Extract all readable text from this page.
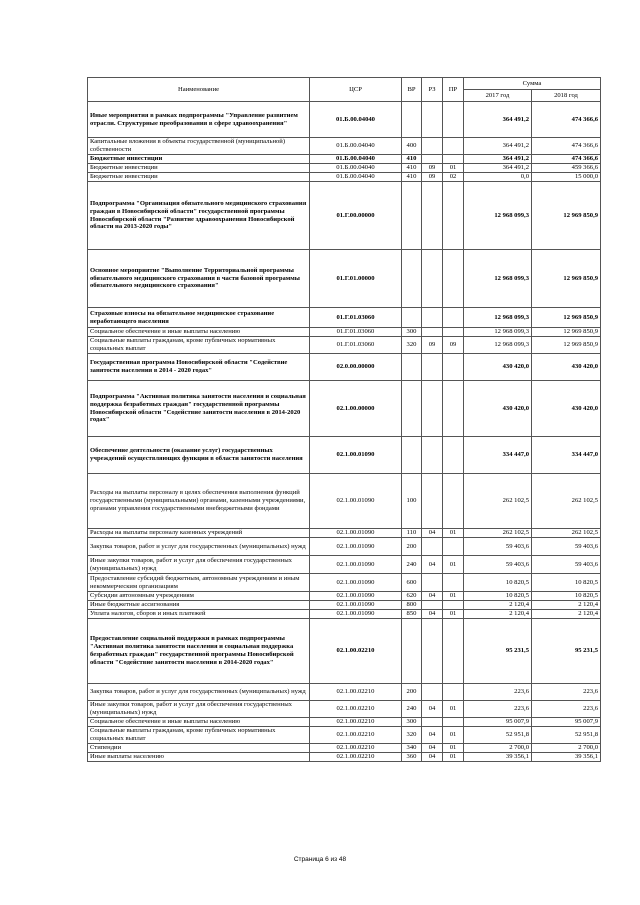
Наименование	ЦСР	ВР	РЗ	ПР	Сумма	
					2017 год	2018 год
Иные мероприятия в рамках подпрограммы "Управление развитием отрасли. Структурные преобразования в сфере здравоохранения"	01.Б.00.04040				364 491,2	474 366,6
Капитальные вложения в объекты государственной (муниципальной) собственности	01.Б.00.04040	400			364 491,2	474 366,6
Бюджетные инвестиции	01.Б.00.04040	410			364 491,2	474 366,6
Бюджетные инвестиции	01.Б.00.04040	410	09	01	364 491,2	459 366,6
Бюджетные инвестиции	01.Б.00.04040	410	09	02	0,0	15 000,0
Подпрограмма "Организация обязательного медицинского страхования граждан в Новосибирской области" государственной программы Новосибирской области "Развитие здравоохранения Новосибирской области на 2013-2020 годы"	01.Г.00.00000				12 968 099,3	12 969 850,9
Основное мероприятие "Выполнение Территориальной программы обязательного медицинского страхования в части базовой программы обязательного медицинского страхования"	01.Г.01.00000				12 968 099,3	12 969 850,9
Страховые взносы на обязательное медицинское страхование неработающего населения	01.Г.01.03060				12 968 099,3	12 969 850,9
Социальное обеспечение и иные выплаты населению	01.Г.01.03060	300			12 968 099,3	12 969 850,9
Социальные выплаты гражданам, кроме публичных нормативных социальных выплат	01.Г.01.03060	320	09	09	12 968 099,3	12 969 850,9
Государственная программа Новосибирской области "Содействие занятости населения в 2014 - 2020 годах"	02.0.00.00000				430 420,0	430 420,0
Подпрограмма "Активная политика занятости населения и социальная поддержка безработных граждан" государственной программы Новосибирской области "Содействие занятости населения в 2014-2020 годах"	02.1.00.00000				430 420,0	430 420,0
Обеспечение деятельности (оказание услуг) государственных учреждений осуществляющих функции в области занятости населения	02.1.00.01090				334 447,0	334 447,0
Расходы на выплаты персоналу в целях обеспечения выполнения функций государственными (муниципальными) органами, казенными учреждениями, органами управления государственными внебюджетными фондами	02.1.00.01090	100			262 102,5	262 102,5
Расходы на выплаты персоналу казенных учреждений	02.1.00.01090	110	04	01	262 102,5	262 102,5
Закупка товаров, работ и услуг для государственных (муниципальных) нужд	02.1.00.01090	200			59 403,6	59 403,6
Иные закупки товаров, работ и услуг для обеспечения государственных (муниципальных) нужд	02.1.00.01090	240	04	01	59 403,6	59 403,6
Предоставление субсидий бюджетным, автономным учреждениям и иным некоммерческим организациям	02.1.00.01090	600			10 820,5	10 820,5
Субсидии автономным учреждениям	02.1.00.01090	620	04	01	10 820,5	10 820,5
Иные бюджетные ассигнования	02.1.00.01090	800			2 120,4	2 120,4
Уплата налогов, сборов и иных платежей	02.1.00.01090	850	04	01	2 120,4	2 120,4
Предоставление социальной поддержки в рамках подпрограммы "Активная политика занятости населения и социальная поддержка безработных граждан" государственной программы Новосибирской области "Содействие занятости населения в 2014-2020 годах"	02.1.00.02210				95 231,5	95 231,5
Закупка товаров, работ и услуг для государственных (муниципальных) нужд	02.1.00.02210	200			223,6	223,6
Иные закупки товаров, работ и услуг для обеспечения государственных (муниципальных) нужд	02.1.00.02210	240	04	01	223,6	223,6
Социальное обеспечение и иные выплаты населению	02.1.00.02210	300			95 007,9	95 007,9
Социальные выплаты гражданам, кроме публичных нормативных социальных выплат	02.1.00.02210	320	04	01	52 951,8	52 951,8
Стипендии	02.1.00.02210	340	04	01	2 700,0	2 700,0
Иные выплаты населению	02.1.00.02210	360	04	01	39 356,1	39 356,1
Страница 6 из 48
